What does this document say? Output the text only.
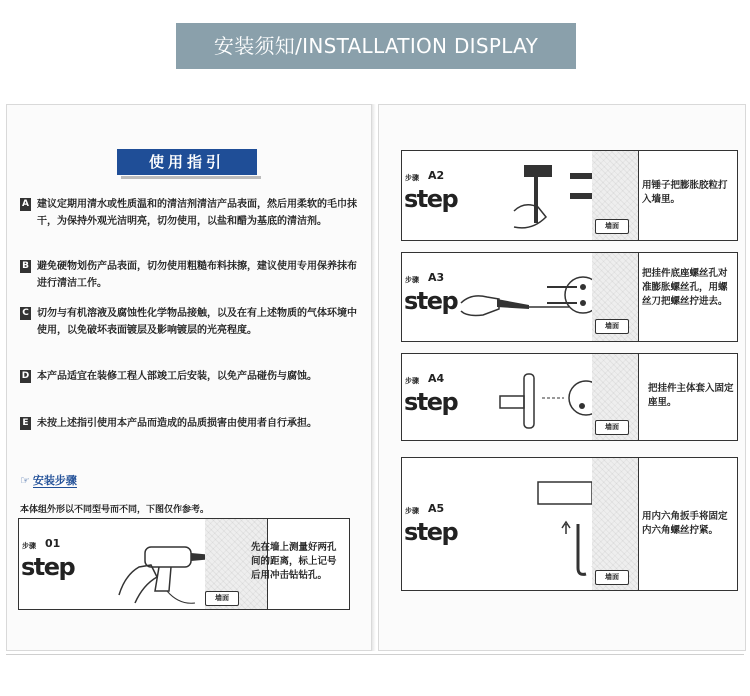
安装须知/INSTALLATION DISPLAY
使用指引
A 建议定期用清水或性质温和的清洁剂清洁产品表面，然后用柔软的毛巾抹干，为保持外观光洁明亮，切勿使用，以盐和醋为基底的清洁剂。
B 避免硬物划伤产品表面，切勿使用粗糙布料抹擦，建议使用专用保养抹布进行清洁工作。
C 切勿与有机溶液及腐蚀性化学物品接触，以及在有上述物质的气体环境中使用，以免破坏表面镀层及影响镀层的光亮程度。
D 本产品适宜在装修工程人部竣工后安装，以免产品碰伤与腐蚀。
E 未按上述指引使用本产品而造成的品质损害由使用者自行承担。
☞ 安装步骤
本体组外形以不同型号而不同，下图仅作参考。
步骤 01
step
墙面
先在墙上测量好两孔间的距离，标上记号后用冲击钻钻孔。
步骤 A2
step
墙面
用锤子把膨胀胶粒打入墙里。
步骤 A3
step
墙面
把挂件底座螺丝孔对准膨胀螺丝孔，用螺丝刀把螺丝拧进去。
步骤 A4
step
墙面
把挂件主体套入固定座里。
步骤 A5
step
墙面
用内六角扳手将固定内六角螺丝拧紧。
